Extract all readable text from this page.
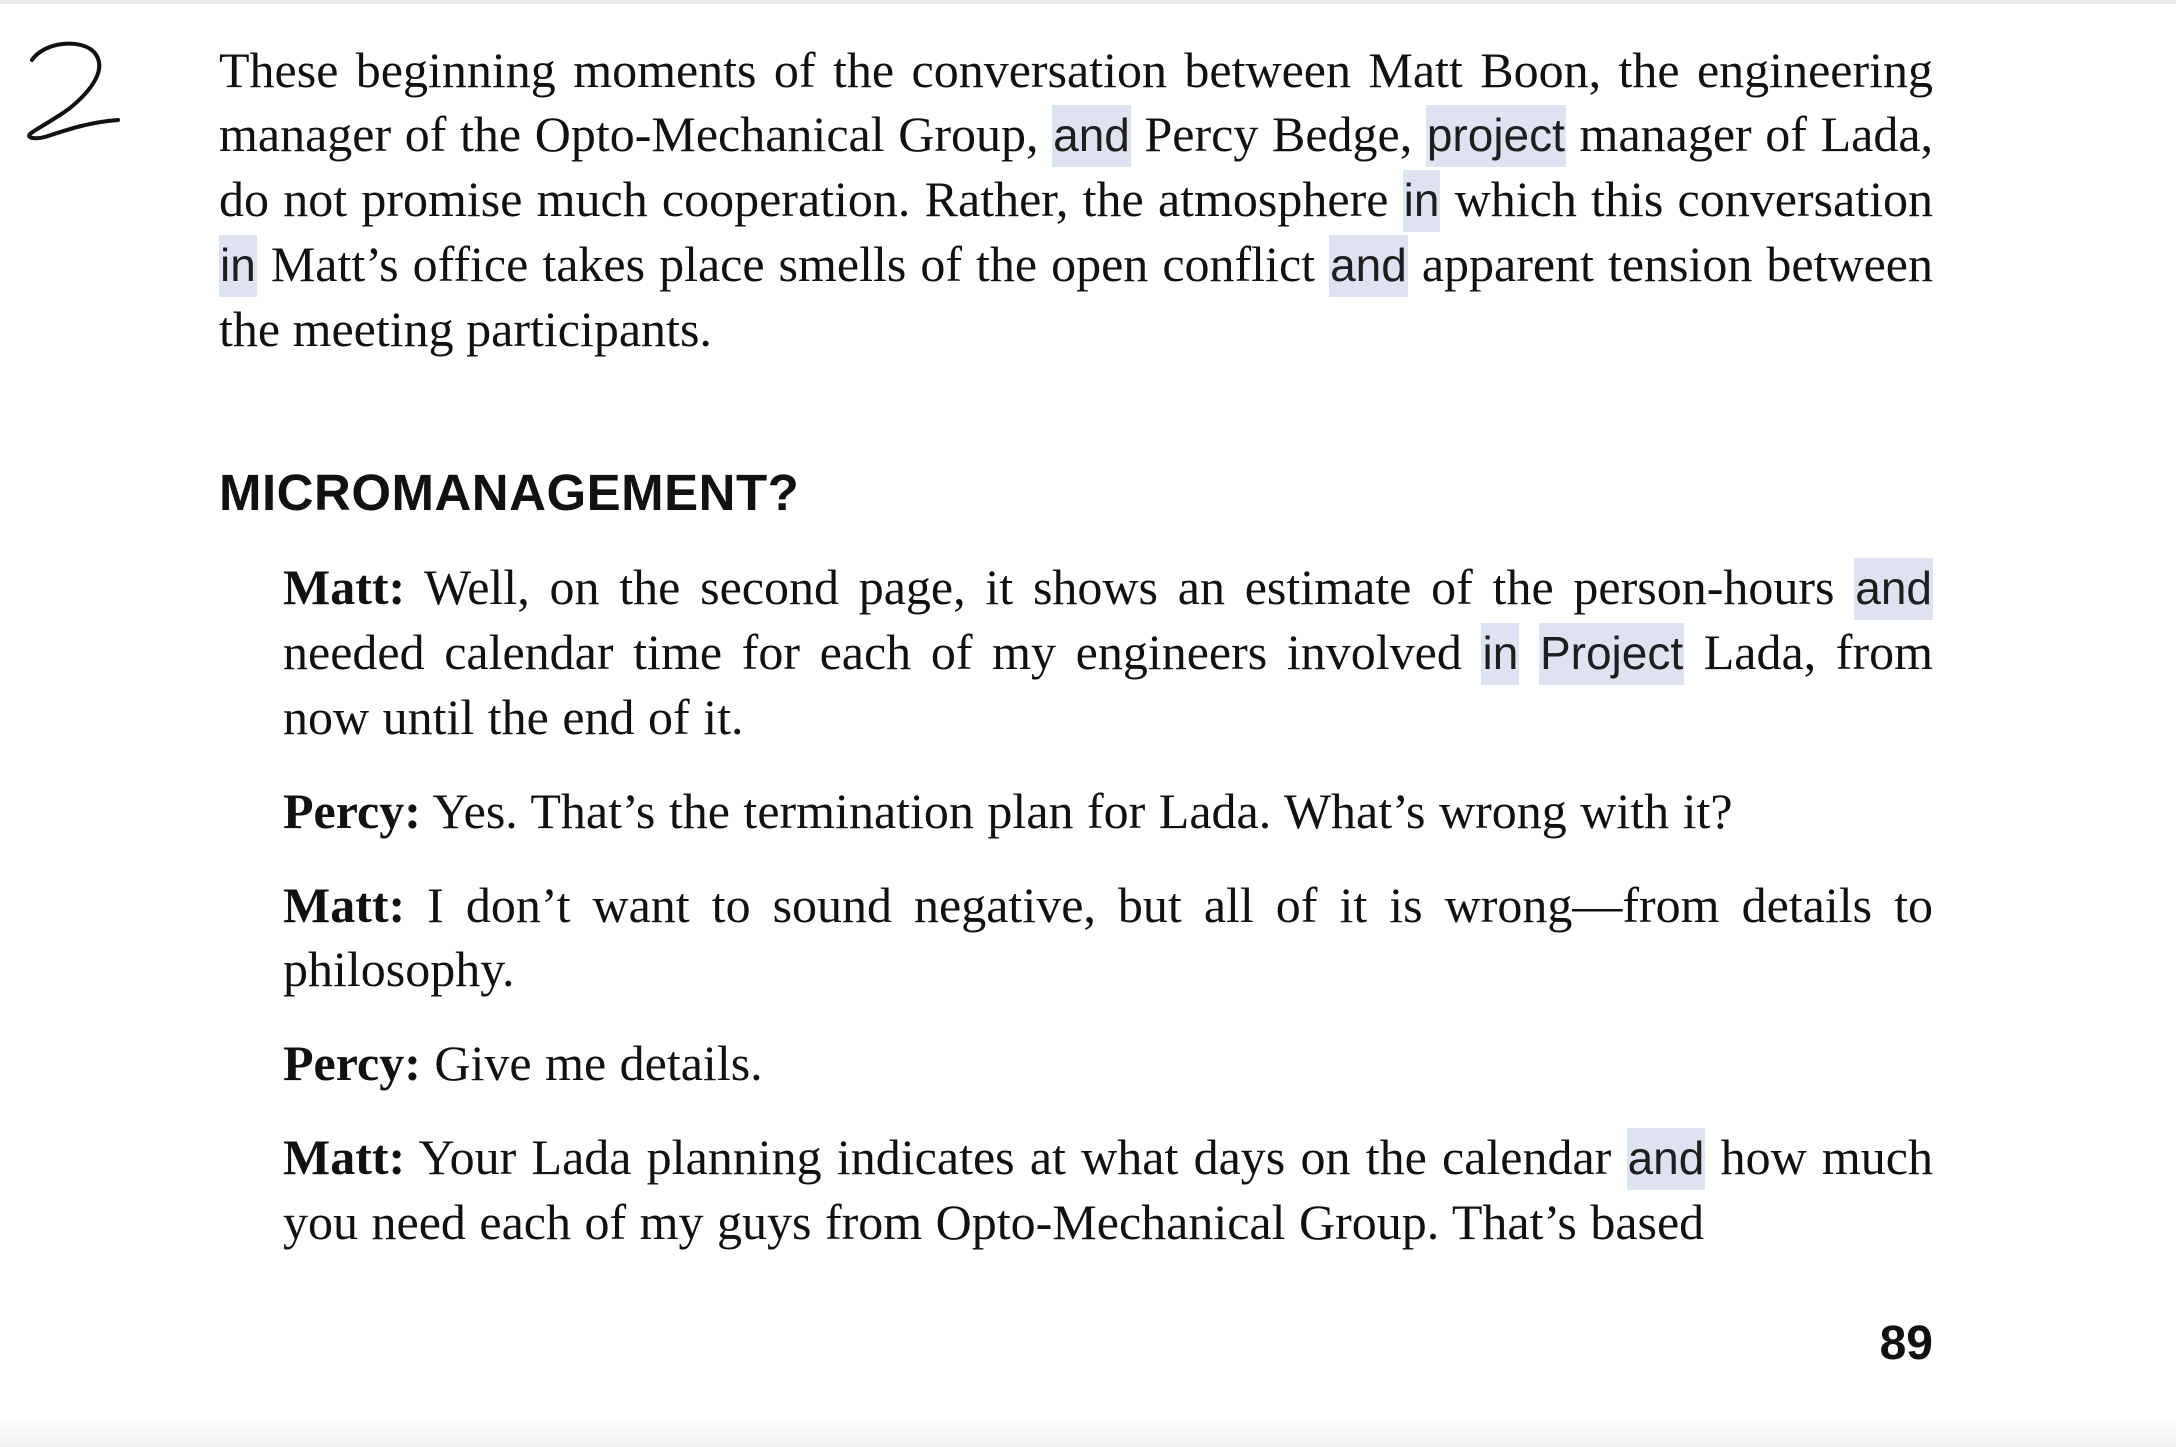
These beginning moments of the conversation between Matt Boon, the engineering manager of the Opto-Mechanical Group, and Percy Bedge, project manager of Lada, do not promise much cooperation. Rather, the atmosphere in which this conversation in Matt’s office takes place smells of the open conflict and apparent tension between the meeting participants.

MICROMANAGEMENT?

Matt: Well, on the second page, it shows an estimate of the person-hours and needed calendar time for each of my engineers involved in Project Lada, from now until the end of it.

Percy: Yes. That’s the termination plan for Lada. What’s wrong with it?

Matt: I don’t want to sound negative, but all of it is wrong—from details to philosophy.

Percy: Give me details.

Matt: Your Lada planning indicates at what days on the calendar and how much you need each of my guys from Opto-Mechanical Group. That’s based

89
